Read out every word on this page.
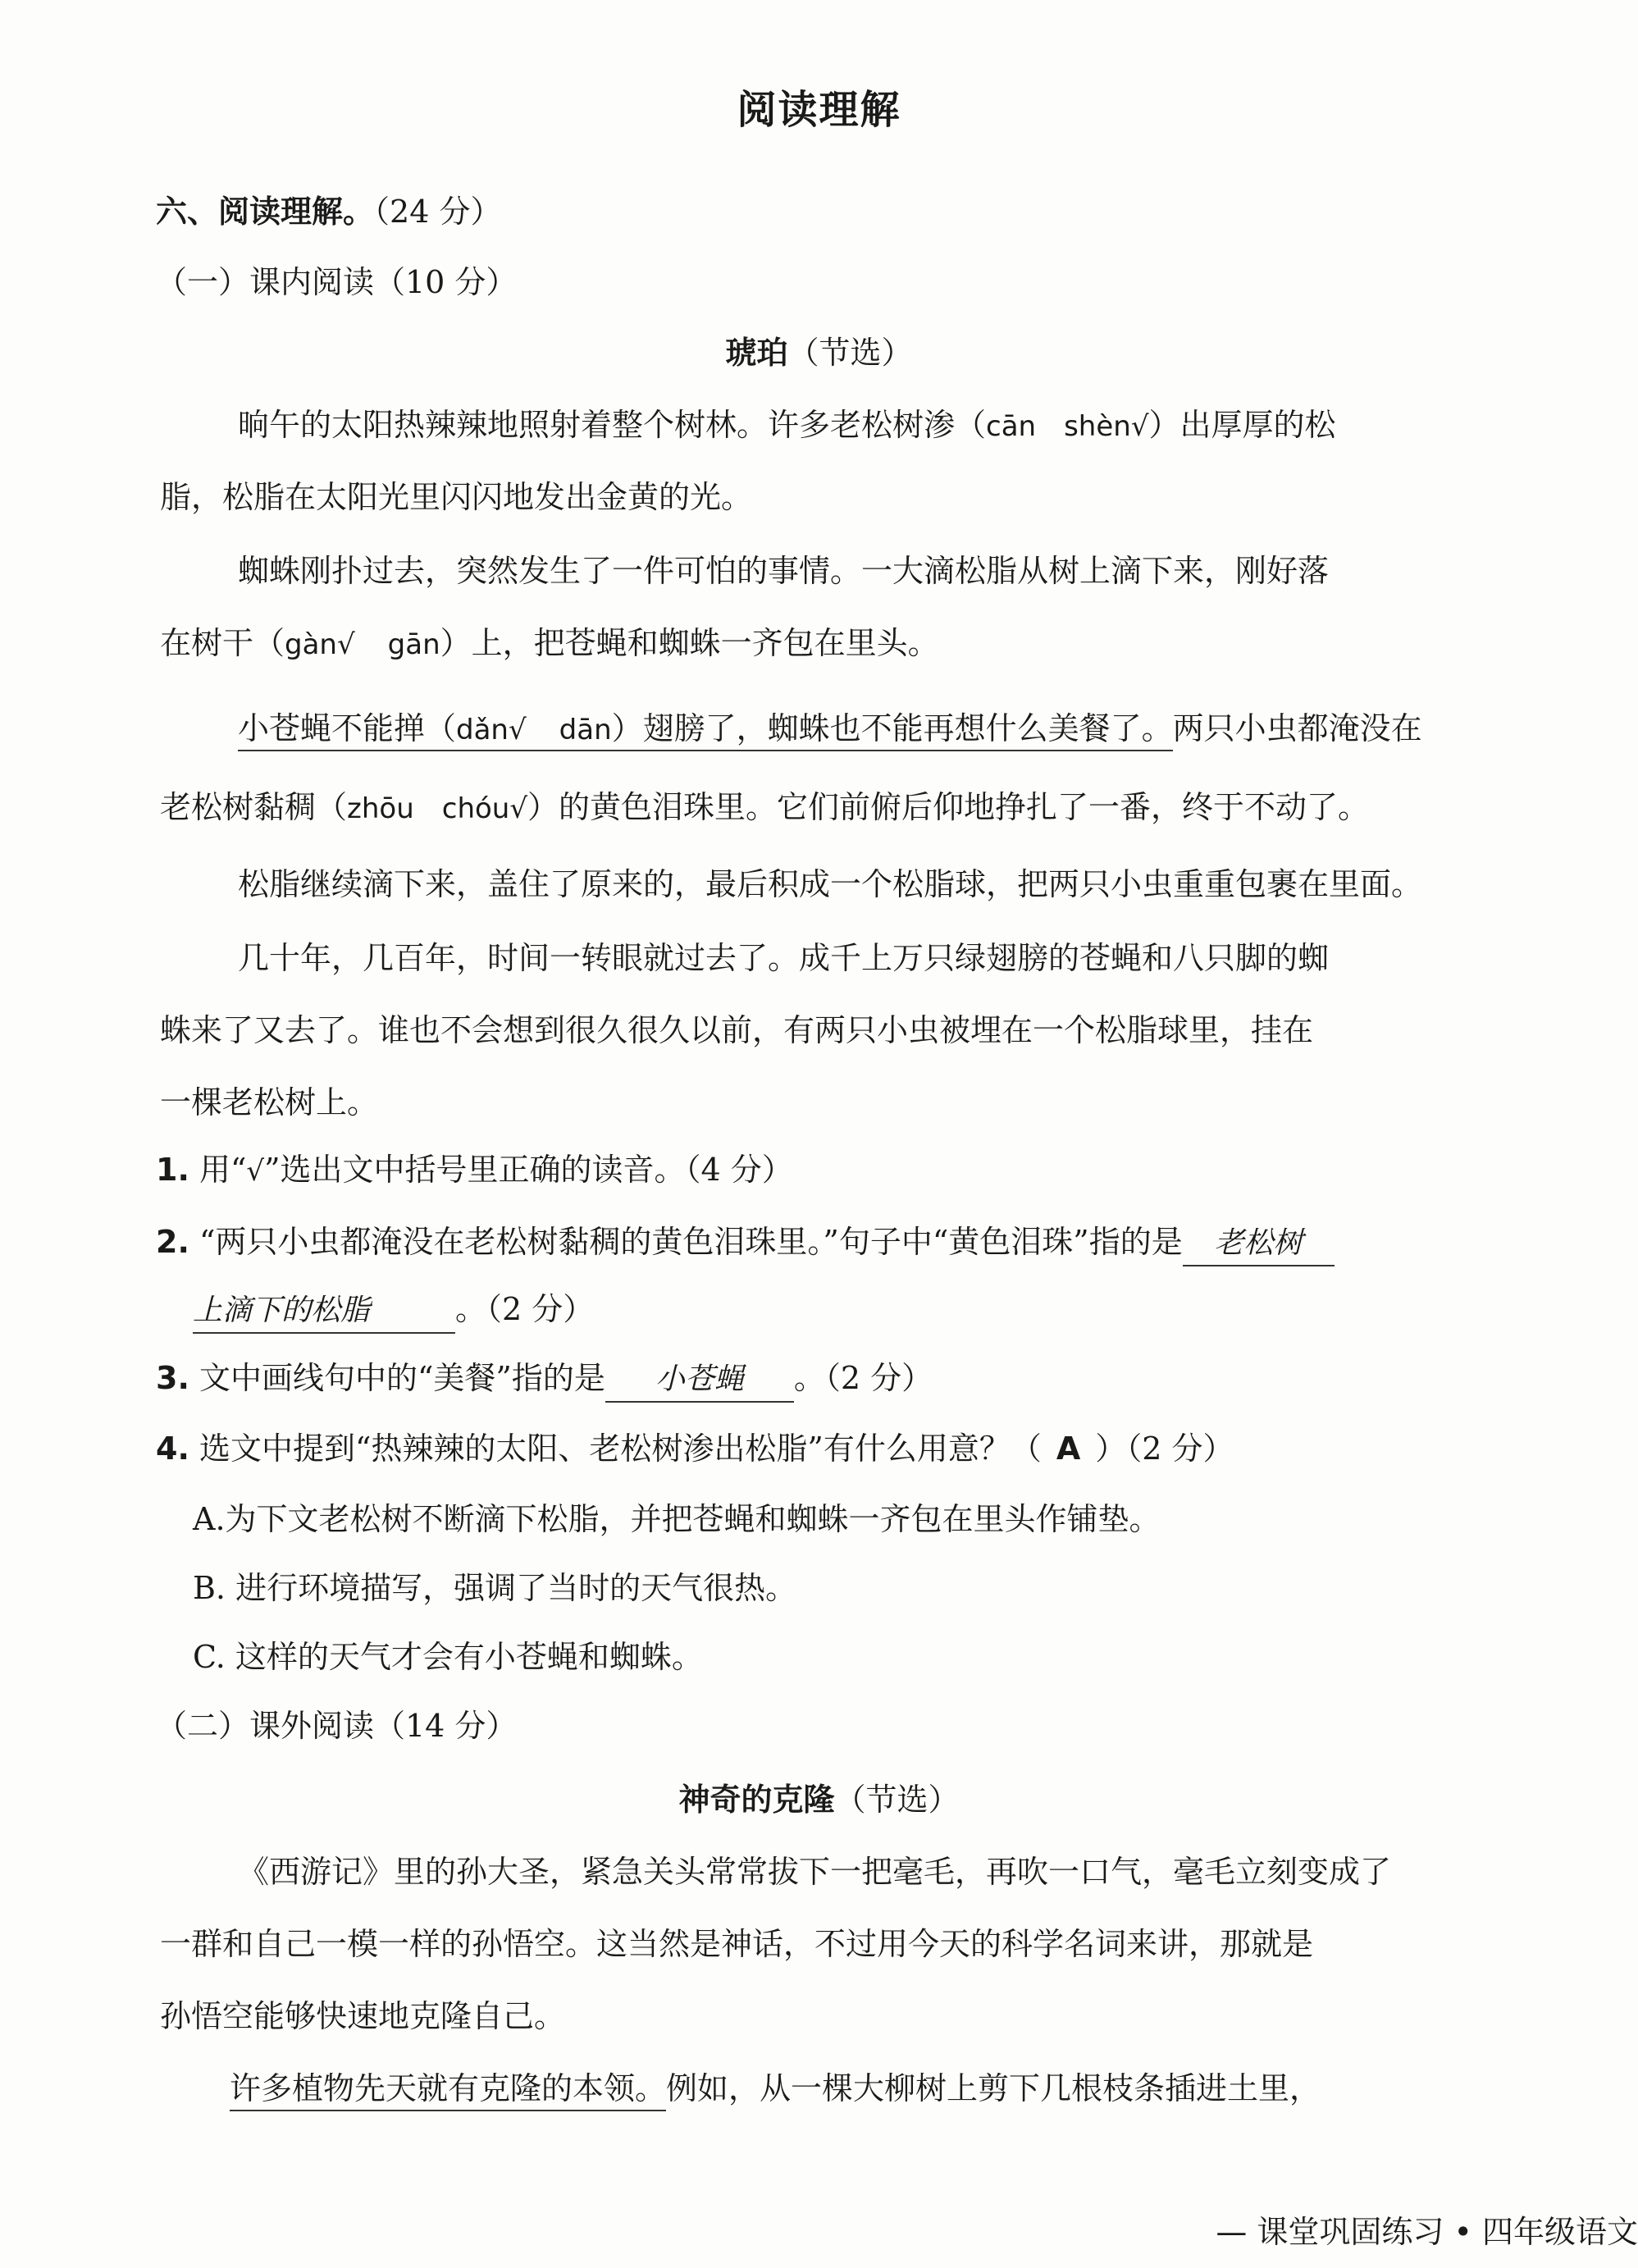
阅读理解
六、阅读理解。（24 分）
（一）课内阅读（10 分）
琥珀（节选）
晌午的太阳热辣辣地照射着整个树林。许多老松树渗（cān　shèn√）出厚厚的松
脂，松脂在太阳光里闪闪地发出金黄的光。
蜘蛛刚扑过去，突然发生了一件可怕的事情。一大滴松脂从树上滴下来，刚好落
在树干（gàn√ gān）上，把苍蝇和蜘蛛一齐包在里头。
小苍蝇不能掸（dǎn√ dān）翅膀了，蜘蛛也不能再想什么美餐了。两只小虫都淹没在
老松树黏稠（zhōu　chóu√）的黄色泪珠里。它们前俯后仰地挣扎了一番，终于不动了。
松脂继续滴下来，盖住了原来的，最后积成一个松脂球，把两只小虫重重包裹在里面。
几十年，几百年，时间一转眼就过去了。成千上万只绿翅膀的苍蝇和八只脚的蜘
蛛来了又去了。谁也不会想到很久很久以前，有两只小虫被埋在一个松脂球里，挂在
一棵老松树上。
1. 用“√”选出文中括号里正确的读音。（4 分）
2. “两只小虫都淹没在老松树黏稠的黄色泪珠里。”句子中“黄色泪珠”指的是 老松树
上滴下的松脂	。（2 分）
3. 文中画线句中的“美餐”指的是 小苍蝇 。（2 分）
4. 选文中提到“热辣辣的太阳、老松树渗出松脂”有什么用意？（ A ）（2 分）
A.为下文老松树不断滴下松脂，并把苍蝇和蜘蛛一齐包在里头作铺垫。
B. 进行环境描写，强调了当时的天气很热。
C. 这样的天气才会有小苍蝇和蜘蛛。
（二）课外阅读（14 分）
神奇的克隆（节选）
《西游记》里的孙大圣，紧急关头常常拔下一把毫毛，再吹一口气，毫毛立刻变成了
一群和自己一模一样的孙悟空。这当然是神话，不过用今天的科学名词来讲，那就是
孙悟空能够快速地克隆自己。
许多植物先天就有克隆的本领。例如，从一棵大柳树上剪下几根枝条插进土里，
— 课堂巩固练习 • 四年级语文
